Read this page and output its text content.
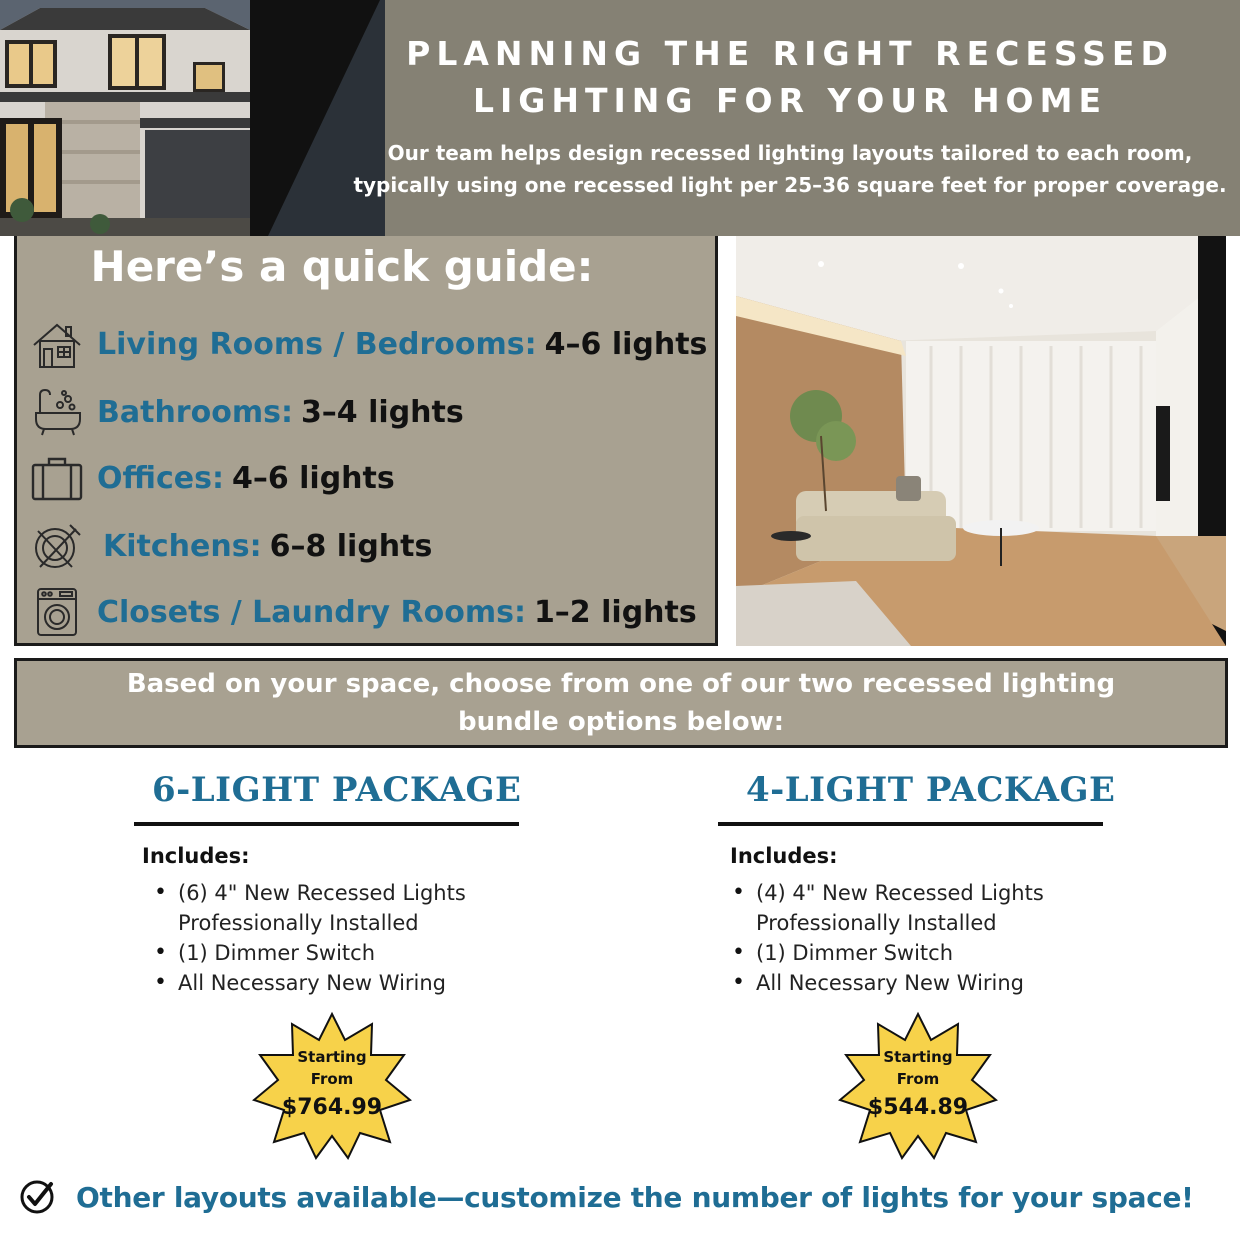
PLANNING THE RIGHT RECESSED
LIGHTING FOR YOUR HOME
Our team helps design recessed lighting layouts tailored to each room,
typically using one recessed light per 25–36 square feet for proper coverage.
Here’s a quick guide:
Living Rooms / Bedrooms: 4–6 lights
Bathrooms: 3–4 lights
Offices: 4–6 lights
Kitchens: 6–8 lights
Closets / Laundry Rooms: 1–2 lights
Based on your space, choose from one of our two recessed lighting
bundle options below:
6-LIGHT PACKAGE
Includes:
• (6) 4" New Recessed Lights
Professionally Installed
• (1) Dimmer Switch
• All Necessary New Wiring
Starting
From
$764.99
4-LIGHT PACKAGE
Includes:
• (4) 4" New Recessed Lights
Professionally Installed
• (1) Dimmer Switch
• All Necessary New Wiring
Starting
From
$544.89
Other layouts available—customize the number of lights for your space!
